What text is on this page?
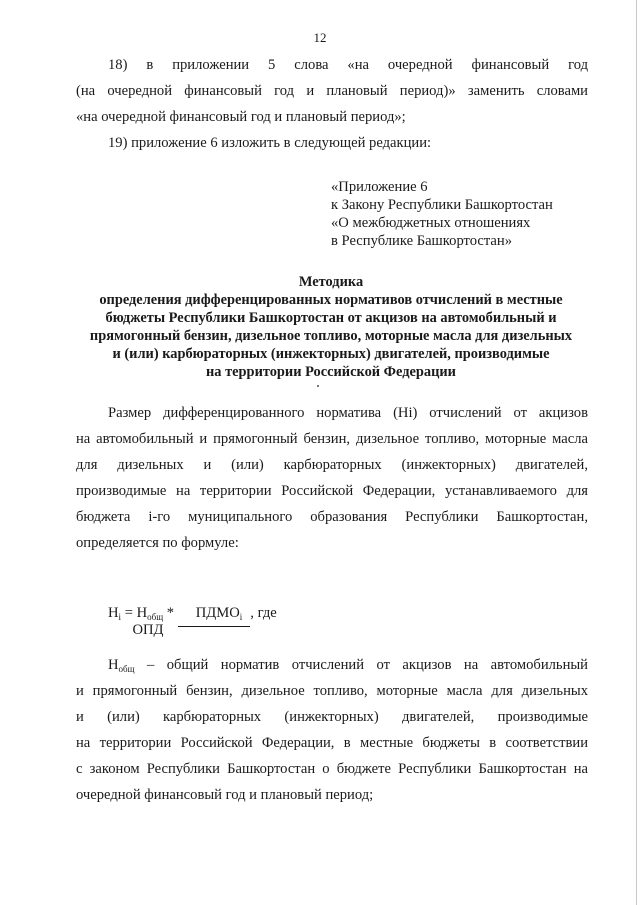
12
18) в приложении 5 слова «на очередной финансовый год
(на очередной финансовый год и плановый период)» заменить словами
«на очередной финансовый год и плановый период»;
19) приложение 6 изложить в следующей редакции:
«Приложение 6
к Закону Республики Башкортостан
«О межбюджетных отношениях
в Республике Башкортостан»
Методика
определения дифференцированных нормативов отчислений в местные
бюджеты Республики Башкортостан от акцизов на автомобильный и
прямогонный бензин, дизельное топливо, моторные масла для дизельных
и (или) карбюраторных (инжекторных) двигателей, производимые
на территории Российской Федерации
Размер дифференцированного норматива (Нi) отчислений от акцизов
на автомобильный и прямогонный бензин, дизельное топливо, моторные масла
для дизельных и (или) карбюраторных (инжекторных) двигателей,
производимые на территории Российской Федерации, устанавливаемого для
бюджета i-го муниципального образования Республики Башкортостан,
определяется по формуле:
$Н_i = Н_{общ}$ * $ПДМО_i$ , где
ОПД
$Н_{общ}$ – общий норматив отчислений от акцизов на автомобильный
и прямогонный бензин, дизельное топливо, моторные масла для дизельных
и (или) карбюраторных (инжекторных) двигателей, производимые
на территории Российской Федерации, в местные бюджеты в соответствии
с законом Республики Башкортостан о бюджете Республики Башкортостан на
очередной финансовый год и плановый период;
